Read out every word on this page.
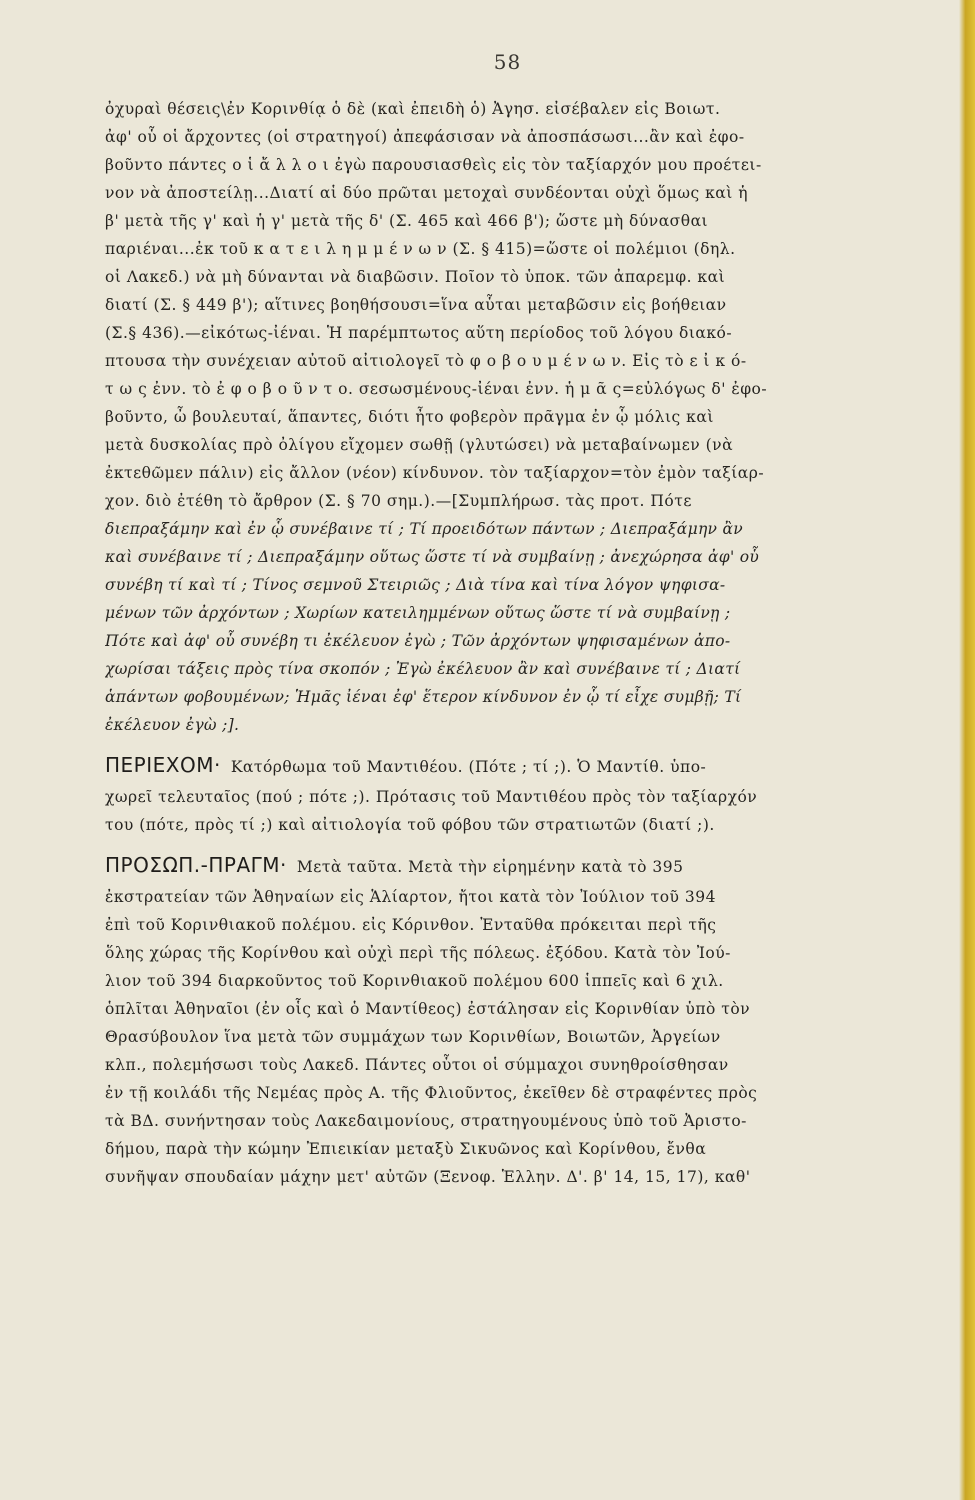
58
ὀχυραὶ θέσεις\ἐν Κορινθίᾳ ὁ δὲ (καὶ ἐπειδὴ ὁ) Ἀγησ. εἰσέβαλεν εἰς Βοιωτ.
ἀφ' οὗ οἱ ἄρχοντες (οἱ στρατηγοί) ἀπεφάσισαν νὰ ἀποσπάσωσι...ἂν καὶ ἐφο-
βοῦντο πάντες ο ἱ ἄ λ λ ο ι ἐγὼ παρουσιασθεὶς εἰς τὸν ταξίαρχόν μου προέτει-
νον νὰ ἀποστείλῃ...Διατί αἱ δύο πρῶται μετοχαὶ συνδέονται οὐχὶ ὅμως καὶ ἡ
β' μετὰ τῆς γ' καὶ ἡ γ' μετὰ τῆς δ' (Σ. 465 καὶ 466 β'); ὥστε μὴ δύνασθαι
παριέναι...ἐκ τοῦ κ α τ ε ι λ η μ μ έ ν ω ν (Σ. § 415)=ὥστε οἱ πολέμιοι (δηλ.
οἱ Λακεδ.) νὰ μὴ δύνανται νὰ διαβῶσιν. Ποῖον τὸ ὑποκ. τῶν ἀπαρεμφ. καὶ
διατί (Σ. § 449 β'); αἵτινες βοηθήσουσι=ἵνα αὗται μεταβῶσιν εἰς βοήθειαν
(Σ.§ 436).—εἰκότως-ἰέναι. Ἡ παρέμπτωτος αὕτη περίοδος τοῦ λόγου διακό-
πτουσα τὴν συνέχειαν αὐτοῦ αἰτιολογεῖ τὸ φ ο β ο υ μ έ ν ω ν. Εἰς τὸ ε ἰ κ ό-
τ ω ς ἐνν. τὸ ἐ φ ο β ο ῦ ν τ ο. σεσωσμένους-ἰέναι ἐνν. ἡ μ ᾶ ς=εὐλόγως δ' ἐφο-
βοῦντο, ὦ βουλευταί, ἅπαντες, διότι ἦτο φοβερὸν πρᾶγμα ἐν ᾧ μόλις καὶ
μετὰ δυσκολίας πρὸ ὀλίγου εἴχομεν σωθῇ (γλυτώσει) νὰ μεταβαίνωμεν (νὰ
ἐκτεθῶμεν πάλιν) εἰς ἄλλον (νέον) κίνδυνον. τὸν ταξίαρχον=τὸν ἐμὸν ταξίαρ-
χον. διὸ ἐτέθη τὸ ἄρθρον (Σ. § 70 σημ.).—[Συμπλήρωσ. τὰς προτ. Πότε
διεπραξάμην καὶ ἐν ᾧ συνέβαινε τί ; Τί προειδότων πάντων ; Διεπραξάμην ἂν
καὶ συνέβαινε τί ; Διεπραξάμην οὕτως ὥστε τί νὰ συμβαίνῃ ; ἀνεχώρησα ἀφ' οὗ
συνέβη τί καὶ τί ; Τίνος σεμνοῦ Στειριῶς ; Διὰ τίνα καὶ τίνα λόγον ψηφισα-
μένων τῶν ἀρχόντων ; Χωρίων κατειλημμένων οὕτως ὥστε τί νὰ συμβαίνῃ ;
Πότε καὶ ἀφ' οὗ συνέβη τι ἐκέλευον ἐγὼ ; Τῶν ἀρχόντων ψηφισαμένων ἀπο-
χωρίσαι τάξεις πρὸς τίνα σκοπόν ; Ἐγὼ ἐκέλευον ἂν καὶ συνέβαινε τί ; Διατί
ἁπάντων φοβουμένων; Ἡμᾶς ἰέναι ἐφ' ἕτερον κίνδυνον ἐν ᾧ τί εἶχε συμβῇ; Τί
ἐκέλευον ἐγὼ ;].
ΠΕΡΙΕΧΟΜ· Κατόρθωμα τοῦ Μαντιθέου. (Πότε ; τί ;). Ὁ Μαντίθ. ὑπο-
χωρεῖ τελευταῖος (πού ; πότε ;). Πρότασις τοῦ Μαντιθέου πρὸς τὸν ταξίαρχόν
του (πότε, πρὸς τί ;) καὶ αἰτιολογία τοῦ φόβου τῶν στρατιωτῶν (διατί ;).
ΠΡΟΣΩΠ.-ΠΡΑΓΜ· Μετὰ ταῦτα. Μετὰ τὴν εἰρημένην κατὰ τὸ 395
ἐκστρατείαν τῶν Ἀθηναίων εἰς Ἁλίαρτον, ἤτοι κατὰ τὸν Ἰούλιον τοῦ 394
ἐπὶ τοῦ Κορινθιακοῦ πολέμου. εἰς Κόρινθον. Ἐνταῦθα πρόκειται περὶ τῆς
ὅλης χώρας τῆς Κορίνθου καὶ οὐχὶ περὶ τῆς πόλεως. ἐξόδου. Κατὰ τὸν Ἰού-
λιον τοῦ 394 διαρκοῦντος τοῦ Κορινθιακοῦ πολέμου 600 ἱππεῖς καὶ 6 χιλ.
ὁπλῖται Ἀθηναῖοι (ἐν οἷς καὶ ὁ Μαντίθεος) ἐστάλησαν εἰς Κορινθίαν ὑπὸ τὸν
Θρασύβουλον ἵνα μετὰ τῶν συμμάχων των Κορινθίων, Βοιωτῶν, Ἀργείων
κλπ., πολεμήσωσι τοὺς Λακεδ. Πάντες οὗτοι οἱ σύμμαχοι συνηθροίσθησαν
ἐν τῇ κοιλάδι τῆς Νεμέας πρὸς Α. τῆς Φλιοῦντος, ἐκεῖθεν δὲ στραφέντες πρὸς
τὰ ΒΔ. συνήντησαν τοὺς Λακεδαιμονίους, στρατηγουμένους ὑπὸ τοῦ Ἀριστο-
δήμου, παρὰ τὴν κώμην Ἐπιεικίαν μεταξὺ Σικυῶνος καὶ Κορίνθου, ἔνθα
συνῆψαν σπουδαίαν μάχην μετ' αὐτῶν (Ξενοφ. Ἑλλην. Δ'. β' 14, 15, 17), καθ'
